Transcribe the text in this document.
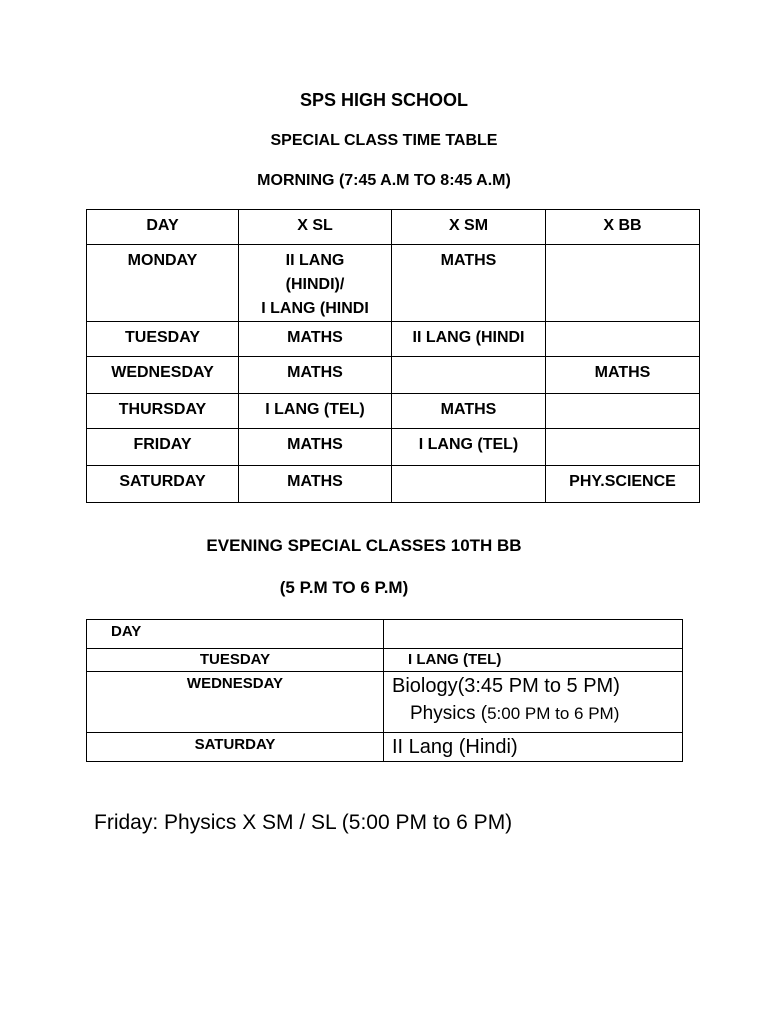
SPS HIGH SCHOOL
SPECIAL CLASS TIME TABLE
MORNING (7:45 A.M TO 8:45 A.M)
DAY	X SL	X SM	X BB
MONDAY	II LANG
(HINDI)/
I LANG (HINDI	MATHS	
TUESDAY	MATHS	II LANG (HINDI	
WEDNESDAY	MATHS		MATHS
THURSDAY	I LANG (TEL)	MATHS	
FRIDAY	MATHS	I LANG (TEL)	
SATURDAY	MATHS		PHY.SCIENCE
EVENING SPECIAL CLASSES 10TH BB
(5 P.M TO 6 P.M)
DAY	
TUESDAY	I LANG (TEL)
WEDNESDAY	Biology(3:45 PM to 5 PM)
Physics (5:00 PM to 6 PM)

SATURDAY	II Lang (Hindi)
Friday: Physics X SM / SL (5:00 PM to 6 PM)
